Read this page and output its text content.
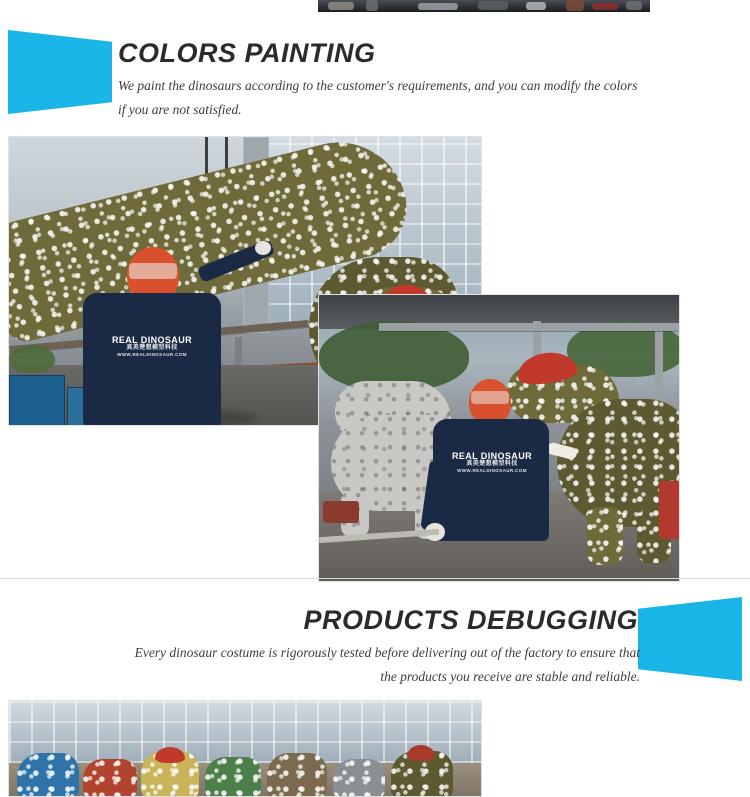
COLORS PAINTING
We paint the dinosaurs according to the customer's requirements, and you can modify the colors if you are not satisfied.
REAL DINOSAUR
真美楚想模型科技
WWW.REALDINOSAUR.COM
REAL DINOSAUR
真美楚想模型科技
WWW.REALDINOSAUR.COM
PRODUCTS DEBUGGING
Every dinosaur costume is rigorously tested before delivering out of the factory to ensure that the products you receive are stable and reliable.
